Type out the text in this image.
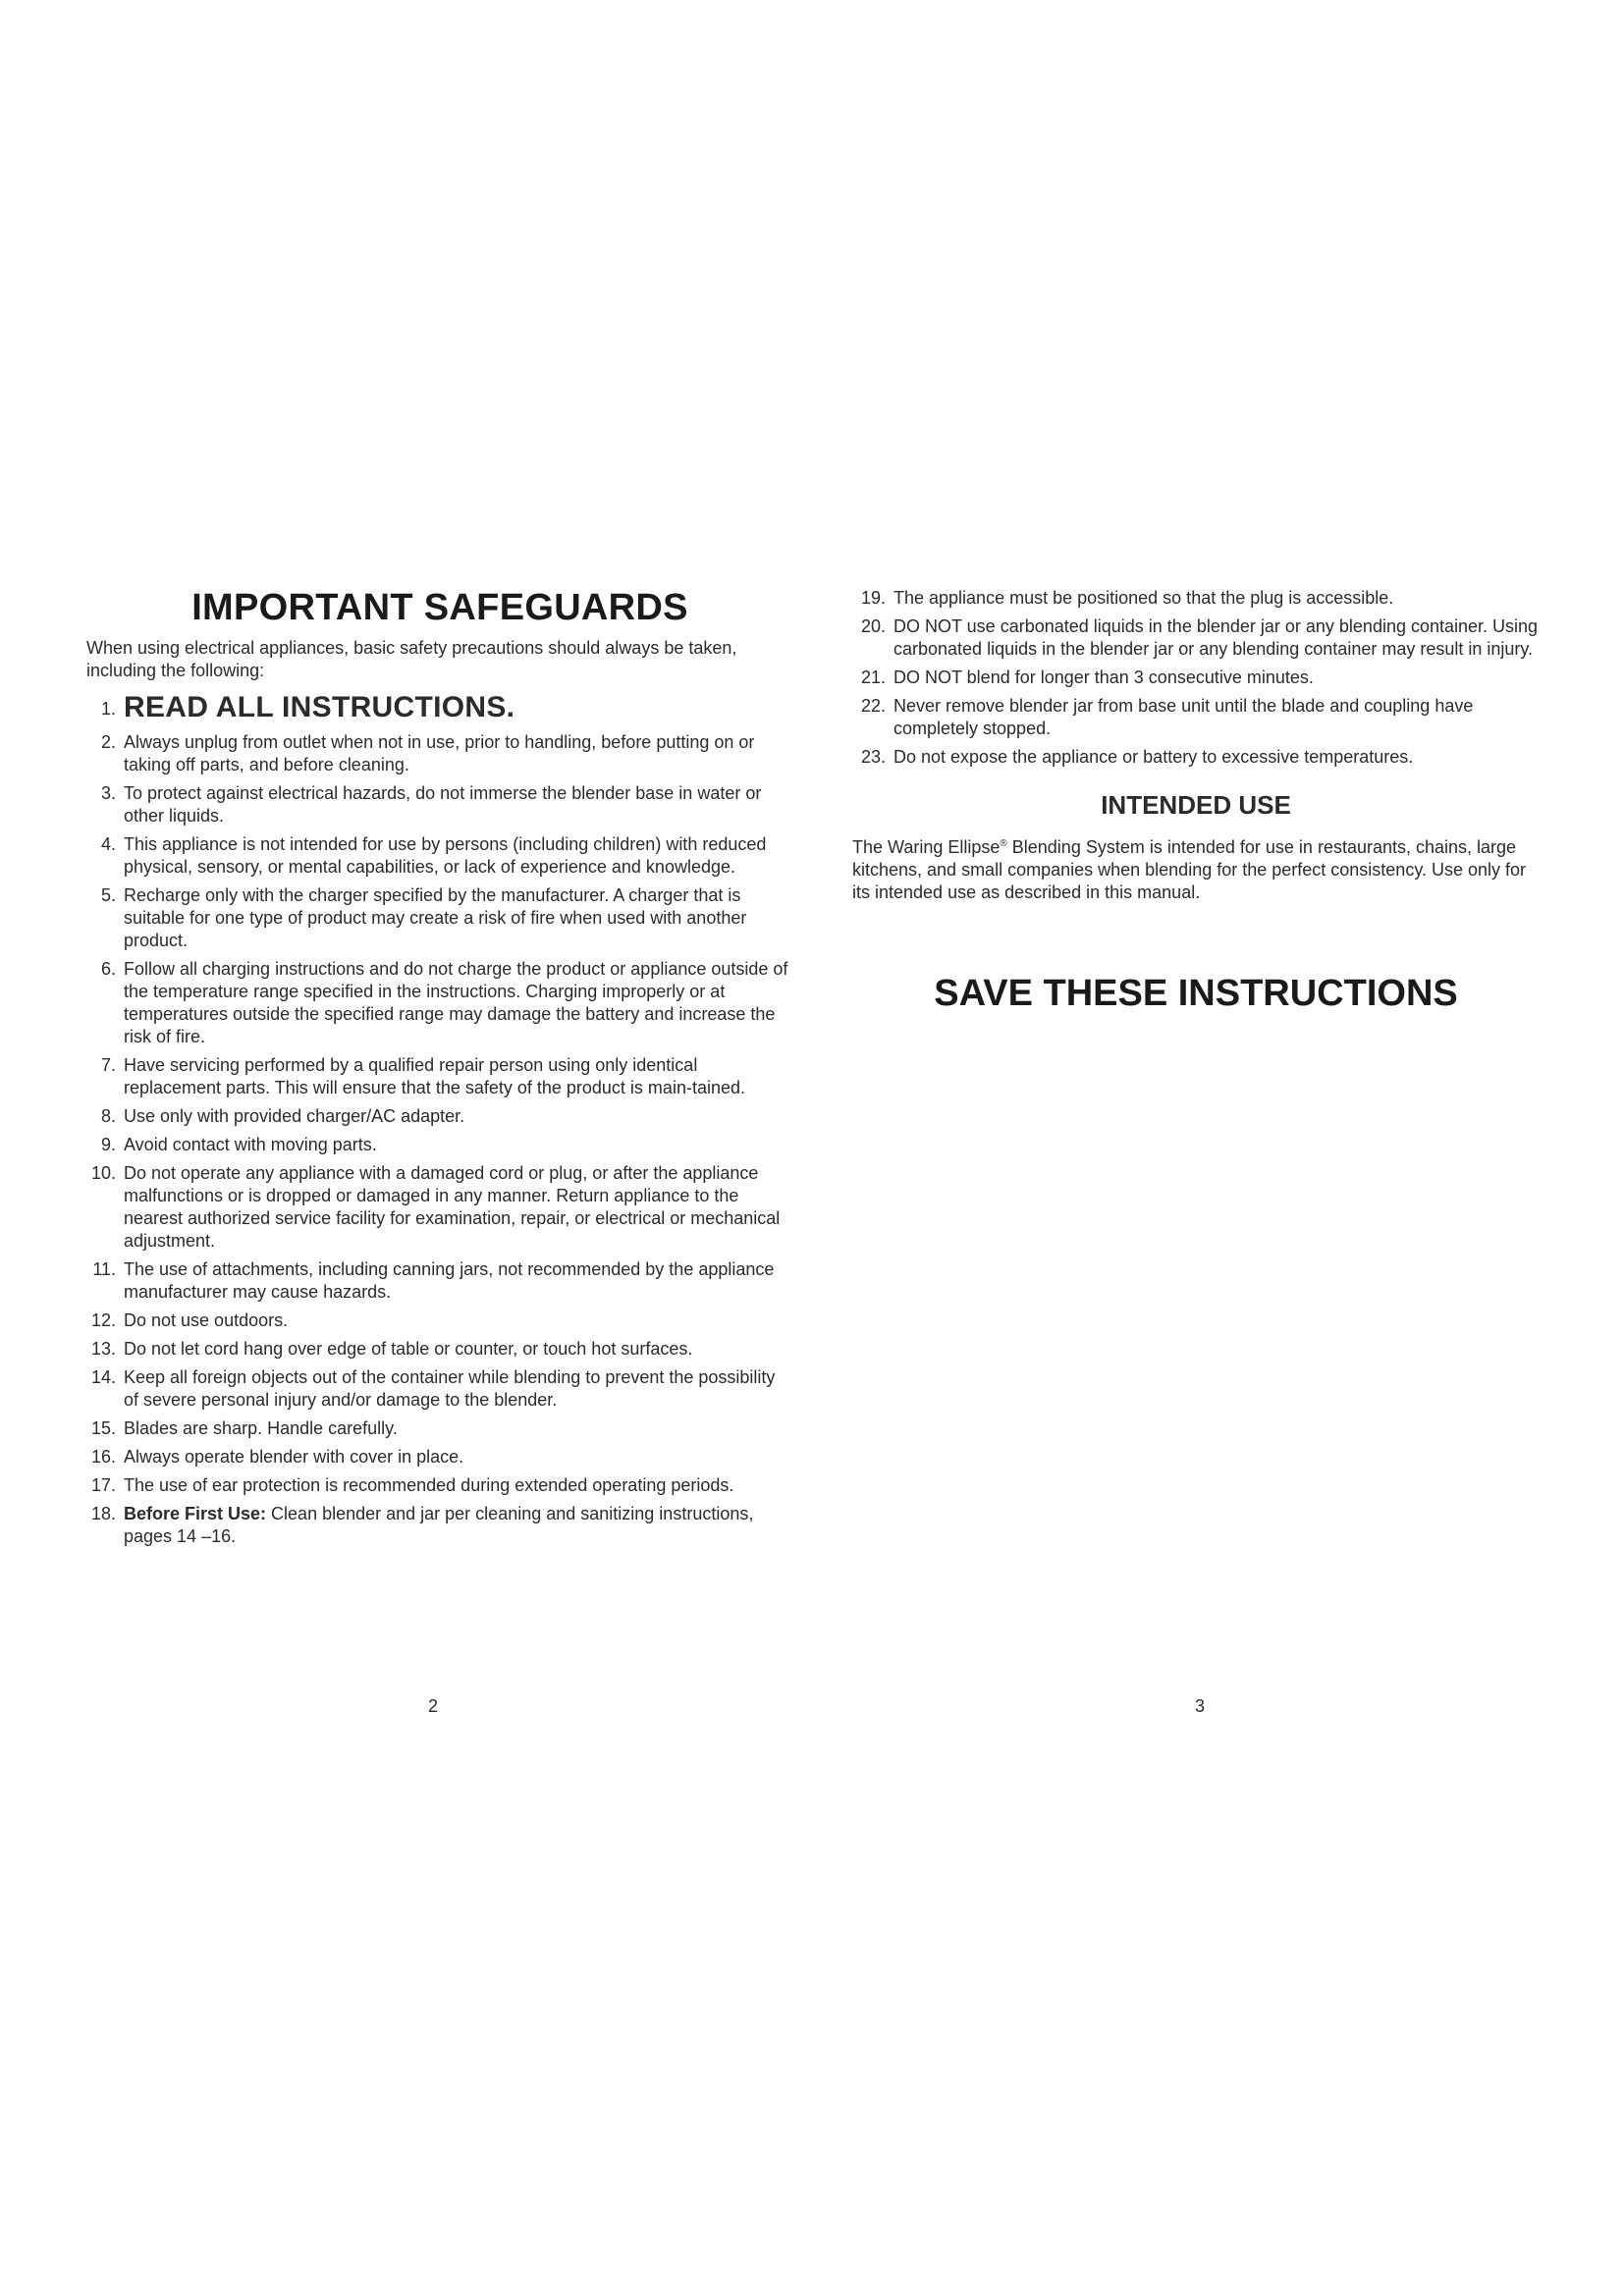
IMPORTANT SAFEGUARDS

When using electrical appliances, basic safety precautions should always be taken, including the following:

1. READ ALL INSTRUCTIONS.
2. Always unplug from outlet when not in use, prior to handling, before putting on or taking off parts, and before cleaning.
3. To protect against electrical hazards, do not immerse the blender base in water or other liquids.
4. This appliance is not intended for use by persons (including children) with reduced physical, sensory, or mental capabilities, or lack of experience and knowledge.
5. Recharge only with the charger specified by the manufacturer. A charger that is suitable for one type of product may create a risk of fire when used with another product.
6. Follow all charging instructions and do not charge the product or appliance outside of the temperature range specified in the instructions. Charging improperly or at temperatures outside the specified range may damage the battery and increase the risk of fire.
7. Have servicing performed by a qualified repair person using only identical replacement parts. This will ensure that the safety of the product is main-tained.
8. Use only with provided charger/AC adapter.
9. Avoid contact with moving parts.
10. Do not operate any appliance with a damaged cord or plug, or after the appliance malfunctions or is dropped or damaged in any manner. Return appliance to the nearest authorized service facility for examination, repair, or electrical or mechanical adjustment.
11. The use of attachments, including canning jars, not recommended by the appliance manufacturer may cause hazards.
12. Do not use outdoors.
13. Do not let cord hang over edge of table or counter, or touch hot surfaces.
14. Keep all foreign objects out of the container while blending to prevent the possibility of severe personal injury and/or damage to the blender.
15. Blades are sharp. Handle carefully.
16. Always operate blender with cover in place.
17. The use of ear protection is recommended during extended operating periods.
18. Before First Use: Clean blender and jar per cleaning and sanitizing instructions, pages 14 –16.
19. The appliance must be positioned so that the plug is accessible.
20. DO NOT use carbonated liquids in the blender jar or any blending container. Using carbonated liquids in the blender jar or any blending container may result in injury.
21. DO NOT blend for longer than 3 consecutive minutes.
22. Never remove blender jar from base unit until the blade and coupling have completely stopped.
23. Do not expose the appliance or battery to excessive temperatures.
INTENDED USE

The Waring Ellipse® Blending System is intended for use in restaurants, chains, large kitchens, and small companies when blending for the perfect consistency. Use only for its intended use as described in this manual.

SAVE THESE INSTRUCTIONS
2	3
